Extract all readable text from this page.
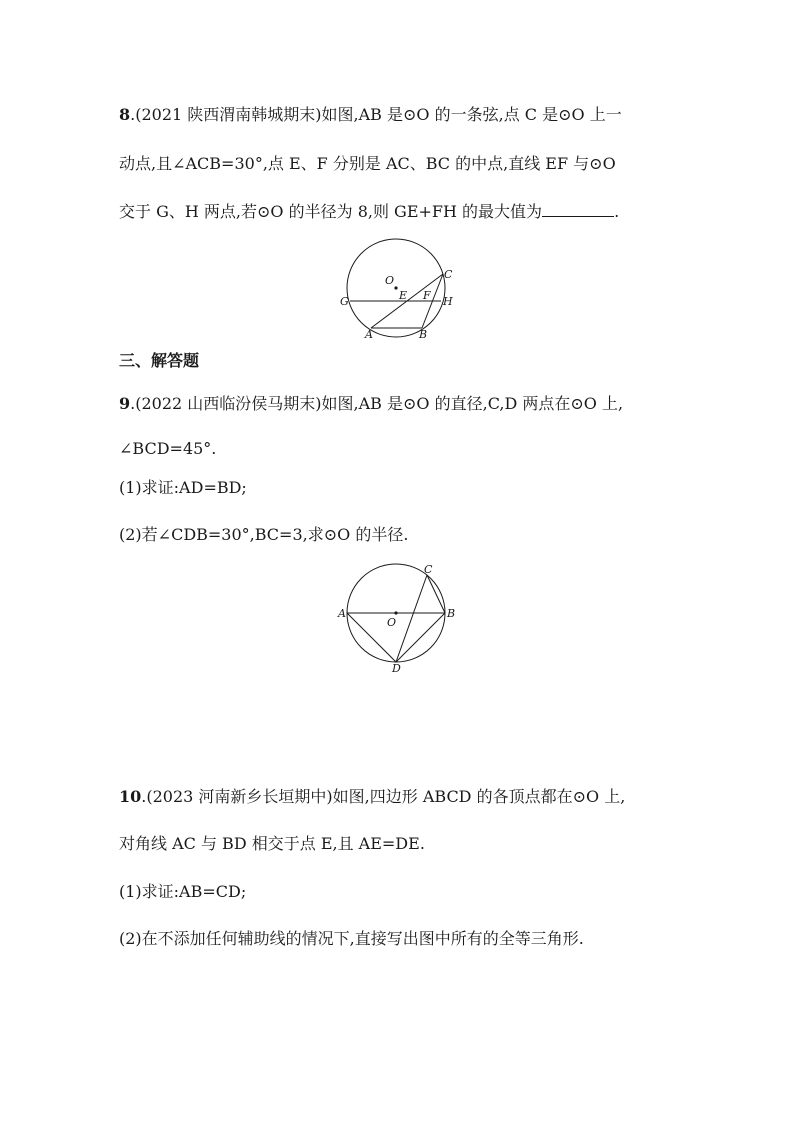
8.(2021 陕西渭南韩城期末)如图,AB 是⊙O 的一条弦,点 C 是⊙O 上一
动点,且∠ACB=30°,点 E、F 分别是 AC、BC 的中点,直线 EF 与⊙O
交于 G、H 两点,若⊙O 的半径为 8,则 GE+FH 的最大值为	.
O	C
G	E F H
A	B
三、解答题
9.(2022 山西临汾侯马期末)如图,AB 是⊙O 的直径,C,D 两点在⊙O 上,
∠BCD=45°.
(1)求证:AD=BD;
(2)若∠CDB=30°,BC=3,求⊙O 的半径.
A	B
C
D
O
10.(2023 河南新乡长垣期中)如图,四边形 ABCD 的各顶点都在⊙O 上,
对角线 AC 与 BD 相交于点 E,且 AE=DE.
(1)求证:AB=CD;
(2)在不添加任何辅助线的情况下,直接写出图中所有的全等三角形.
